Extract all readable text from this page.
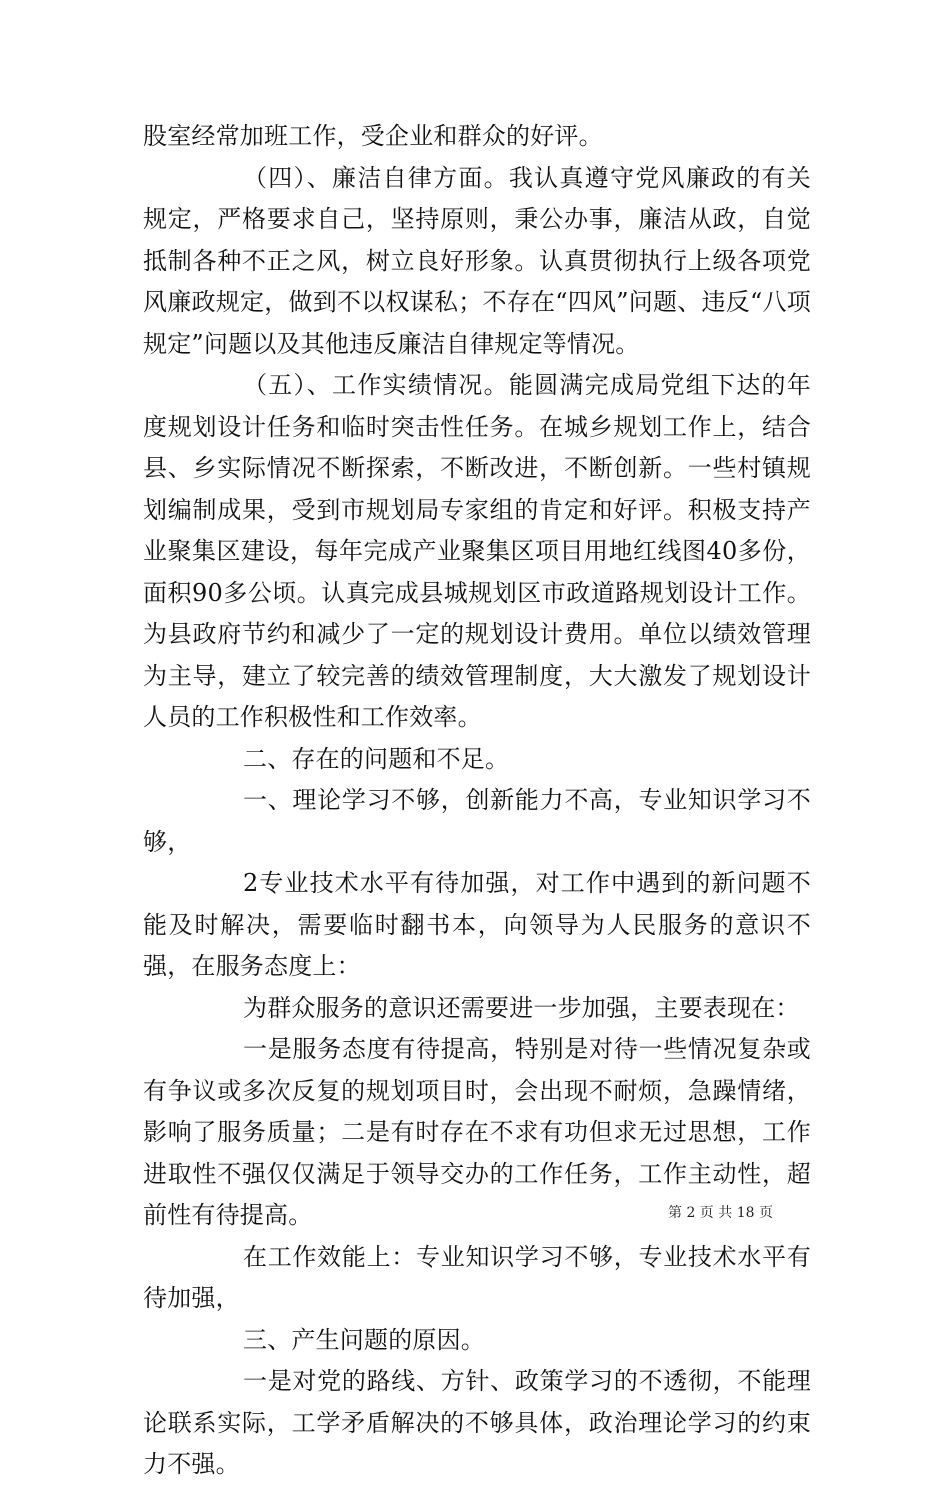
股室经常加班工作，受企业和群众的好评。

（四）、廉洁自律方面。我认真遵守党风廉政的有关规定，严格要求自己，坚持原则，秉公办事，廉洁从政，自觉抵制各种不正之风，树立良好形象。认真贯彻执行上级各项党风廉政规定，做到不以权谋私；不存在“四风”问题、违反“八项规定”问题以及其他违反廉洁自律规定等情况。

（五）、工作实绩情况。能圆满完成局党组下达的年度规划设计任务和临时突击性任务。在城乡规划工作上，结合县、乡实际情况不断探索，不断改进，不断创新。一些村镇规划编制成果，受到市规划局专家组的肯定和好评。积极支持产业聚集区建设，每年完成产业聚集区项目用地红线图40多份，面积90多公顷。认真完成县城规划区市政道路规划设计工作。为县政府节约和减少了一定的规划设计费用。单位以绩效管理为主导，建立了较完善的绩效管理制度，大大激发了规划设计人员的工作积极性和工作效率。

二、存在的问题和不足。

一、理论学习不够，创新能力不高，专业知识学习不够，

2专业技术水平有待加强，对工作中遇到的新问题不能及时解决，需要临时翻书本，向领导为人民服务的意识不强，在服务态度上：

为群众服务的意识还需要进一步加强，主要表现在：

一是服务态度有待提高，特别是对待一些情况复杂或有争议或多次反复的规划项目时，会出现不耐烦，急躁情绪，影响了服务质量；二是有时存在不求有功但求无过思想，工作进取性不强仅仅满足于领导交办的工作任务，工作主动性，超前性有待提高。

在工作效能上：专业知识学习不够，专业技术水平有待加强，

三、产生问题的原因。

一是对党的路线、方针、政策学习的不透彻，不能理论联系实际，工学矛盾解决的不够具体，政治理论学习的约束力不强。

第 2 页 共 18 页
